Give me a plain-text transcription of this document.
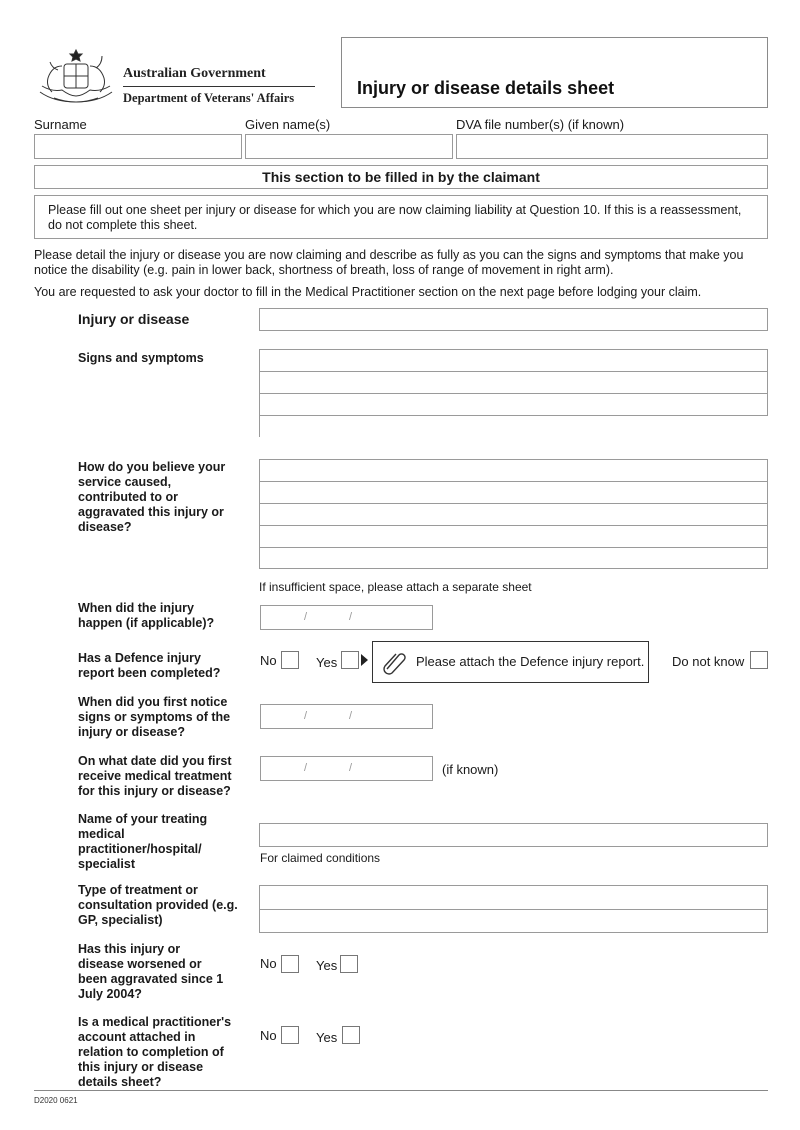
Australian Government
Department of Veterans' Affairs	Injury or disease details sheet
Surname	Given name(s)	DVA file number(s) (if known)
This section to be filled in by the claimant
Please fill out one sheet per injury or disease for which you are now claiming liability at Question 10. If this is a reassessment, do not complete this sheet.
Please detail the injury or disease you are now claiming and describe as fully as you can the signs and symptoms that make you notice the disability (e.g. pain in lower back, shortness of breath, loss of range of movement in right arm).
You are requested to ask your doctor to fill in the Medical Practitioner section on the next page before lodging your claim.
Injury or disease
Signs and symptoms
How do you believe your service caused, contributed to or aggravated this injury or disease?
If insufficient space, please attach a separate sheet
When did the injury happen (if applicable)?	/	/
Has a Defence injury report been completed?
No	Yes	Please attach the Defence injury report. Do not know
When did you first notice signs or symptoms of the injury or disease?
/	/
On what date did you first receive medical treatment for this injury or disease?
/	/	(if known)
Name of your treating medical practitioner/hospital/ specialist	For claimed conditions
Type of treatment or consultation provided (e.g. GP, specialist)
Has this injury or disease worsened or been aggravated since 1 July 2004?
No	Yes
Is a medical practitioner's account attached in relation to completion of this injury or disease details sheet?
No	Yes
D2020 0621
